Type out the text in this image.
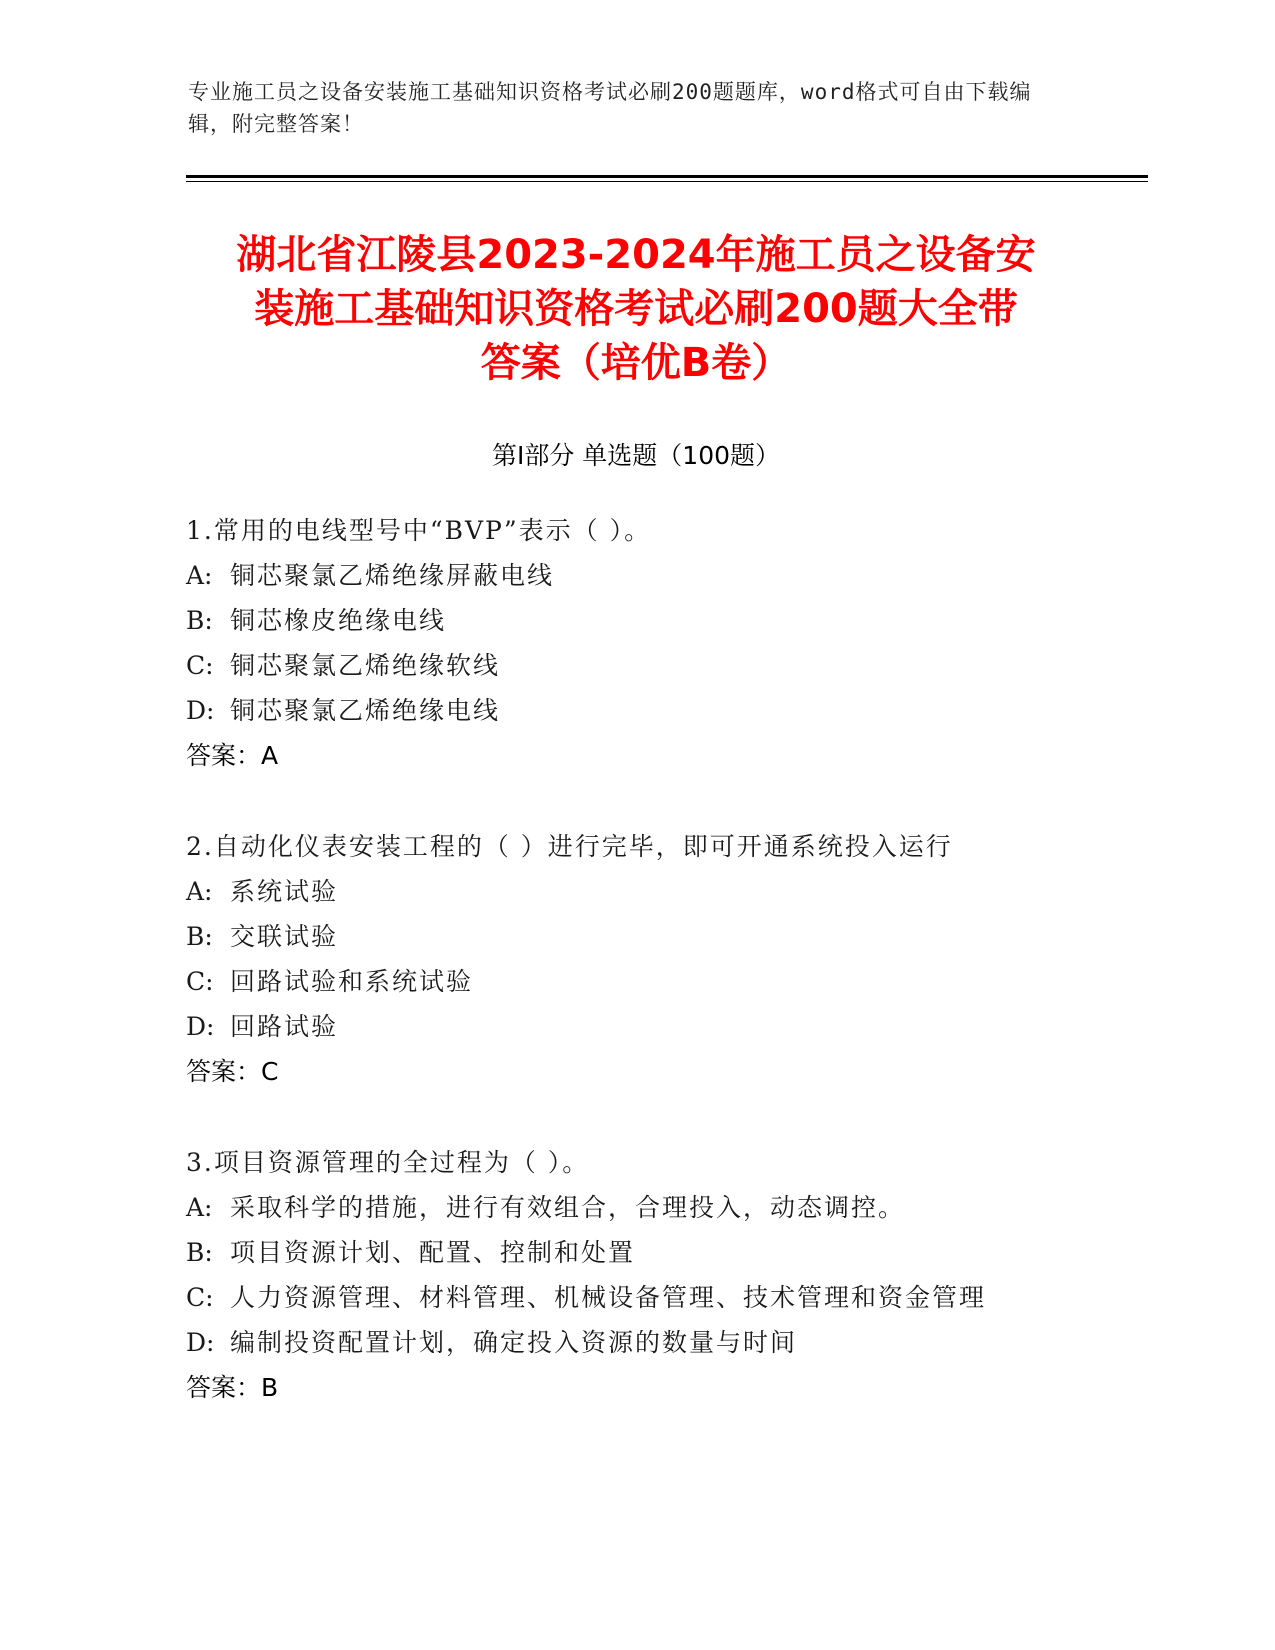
专业施工员之设备安装施工基础知识资格考试必刷200题题库，word格式可自由下载编辑，附完整答案！
湖北省江陵县2023-2024年施工员之设备安
装施工基础知识资格考试必刷200题大全带
答案（培优B卷）
第Ⅰ部分 单选题（100题）
1.常用的电线型号中“BVP”表示（ ）。
A: 铜芯聚氯乙烯绝缘屏蔽电线
B: 铜芯橡皮绝缘电线
C: 铜芯聚氯乙烯绝缘软线
D: 铜芯聚氯乙烯绝缘电线
答案：A
2.自动化仪表安装工程的（ ）进行完毕，即可开通系统投入运行
A: 系统试验
B: 交联试验
C: 回路试验和系统试验
D: 回路试验
答案：C
3.项目资源管理的全过程为（ ）。
A: 采取科学的措施，进行有效组合，合理投入，动态调控。
B: 项目资源计划、配置、控制和处置
C: 人力资源管理、材料管理、机械设备管理、技术管理和资金管理
D: 编制投资配置计划，确定投入资源的数量与时间
答案：B
